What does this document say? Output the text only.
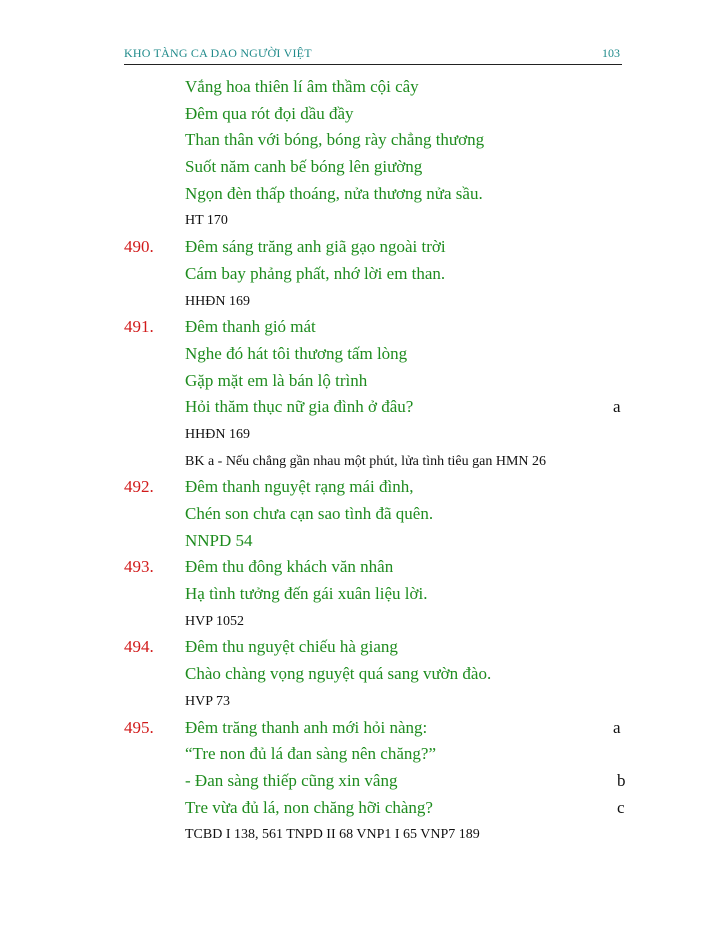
KHO TÀNG CA DAO NGƯỜI VIỆT	103
Vắng hoa thiên lí âm thầm cội cây
Đêm qua rót đọi dầu đầy
Than thân với bóng, bóng rày chẳng thương
Suốt năm canh bế bóng lên giường
Ngọn đèn thấp thoáng, nửa thương nửa sầu.
HT 170
490. Đêm sáng trăng anh giã gạo ngoài trời
Cám bay phảng phất, nhớ lời em than.
HHĐN 169
491. Đêm thanh gió mát
Nghe đó hát tôi thương tấm lòng
Gặp mặt em là bán lộ trình
Hỏi thăm thục nữ gia đình ở đâu?	a
HHĐN 169
BK a - Nếu chẳng gần nhau một phút, lửa tình tiêu gan HMN 26
492. Đêm thanh nguyệt rạng mái đình,
Chén son chưa cạn sao tình đã quên.
NNPD 54
493. Đêm thu đông khách văn nhân
Hạ tình tưởng đến gái xuân liệu lời.
HVP 1052
494. Đêm thu nguyệt chiếu hà giang
Chào chàng vọng nguyệt quá sang vườn đào.
HVP 73
495. Đêm trăng thanh anh mới hỏi nàng:	a
“Tre non đủ lá đan sàng nên chăng?”
- Đan sàng thiếp cũng xin vâng	b
Tre vừa đủ lá, non chăng hỡi chàng?	c
TCBD I 138, 561 TNPD II 68 VNP1 I 65 VNP7 189
